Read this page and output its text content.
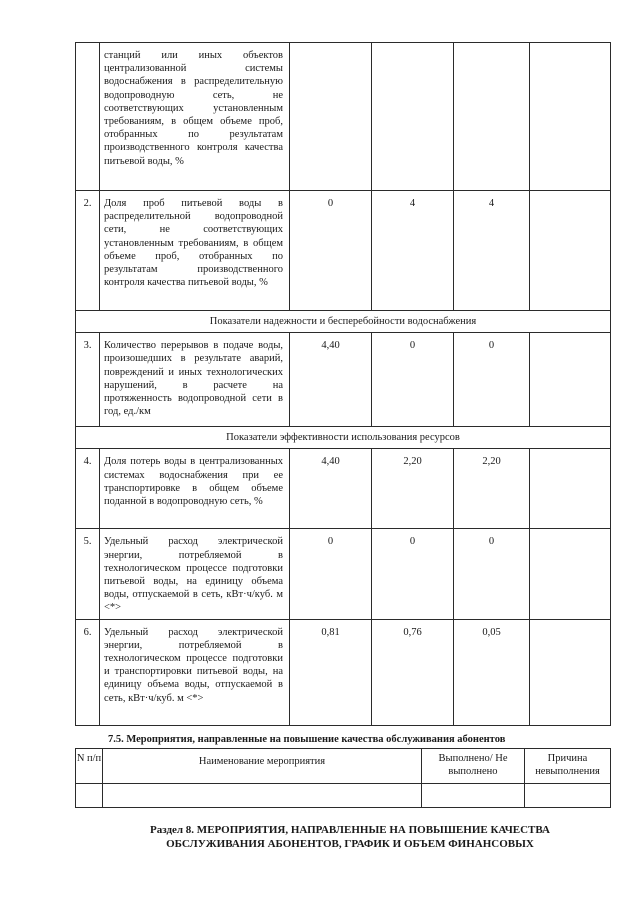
	станций или иных объектов централизованной системы водоснабжения в распределительную водопроводную сеть, не соответствующих установленным требованиям, в общем объеме проб, отобранных по результатам производственного контроля качества питьевой воды, %				
2.	Доля проб питьевой воды в распределительной водопроводной сети, не соответствующих установленным требованиям, в общем объеме проб, отобранных по результатам производственного контроля качества питьевой воды, %	0	4	4	
Показатели надежности и бесперебойности водоснабжения					
3.	Количество перерывов в подаче воды, произошедших в результате аварий, повреждений и иных технологических нарушений, в расчете на протяженность водопроводной сети в год, ед./км	4,40	0	0	
Показатели эффективности использования ресурсов					
4.	Доля потерь воды в централизованных системах водоснабжения при ее транспортировке в общем объеме поданной в водопроводную сеть, %	4,40	2,20	2,20	
5.	Удельный расход электрической энергии, потребляемой в технологическом процессе подготовки питьевой воды, на единицу объема воды, отпускаемой в сеть, кВт·ч/куб. м <*>	0	0	0	
6.	Удельный расход электрической энергии, потребляемой в технологическом процессе подготовки и транспортировки питьевой воды, на единицу объема воды, отпускаемой в сеть, кВт·ч/куб. м <*>	0,81	0,76	0,05	
7.5. Мероприятия, направленные на повышение качества обслуживания абонентов
N п/п	Наименование мероприятия	Выполнено/ Не выполнено	Причина невыполнения

Раздел 8. МЕРОПРИЯТИЯ, НАПРАВЛЕННЫЕ НА ПОВЫШЕНИЕ КАЧЕСТВА
ОБСЛУЖИВАНИЯ АБОНЕНТОВ, ГРАФИК И ОБЪЕМ ФИНАНСОВЫХ
